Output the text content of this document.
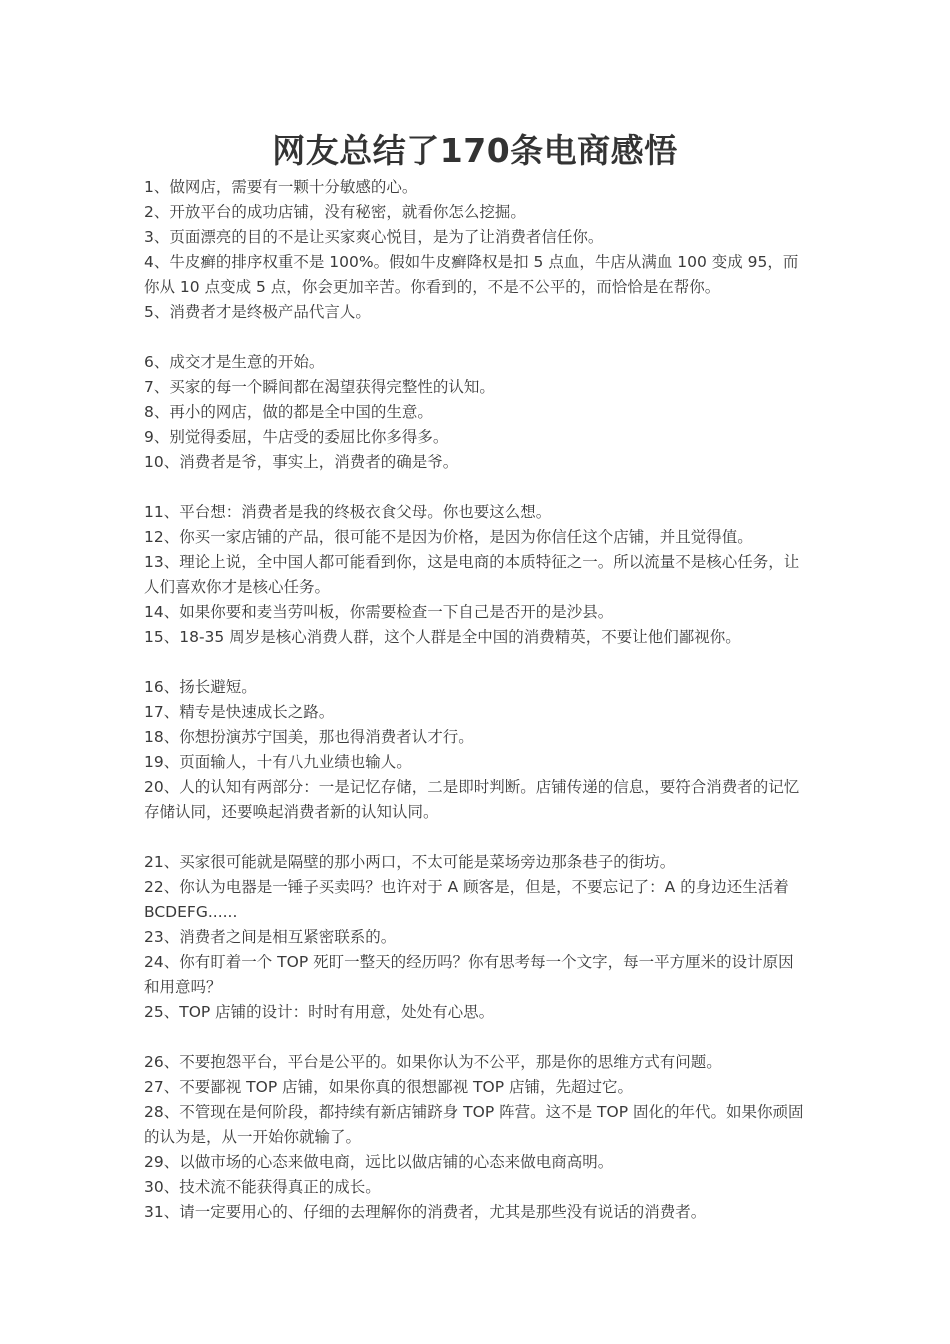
网友总结了170条电商感悟
1、做网店，需要有一颗十分敏感的心。
2、开放平台的成功店铺，没有秘密，就看你怎么挖掘。
3、页面漂亮的目的不是让买家爽心悦目，是为了让消费者信任你。
4、牛皮癣的排序权重不是 100%。假如牛皮癣降权是扣 5 点血，牛店从满血 100 变成 95，而你从 10 点变成 5 点，你会更加辛苦。你看到的，不是不公平的，而恰恰是在帮你。
5、消费者才是终极产品代言人。
6、成交才是生意的开始。
7、买家的每一个瞬间都在渴望获得完整性的认知。
8、再小的网店，做的都是全中国的生意。
9、别觉得委屈，牛店受的委屈比你多得多。
10、消费者是爷，事实上，消费者的确是爷。
11、平台想：消费者是我的终极衣食父母。你也要这么想。
12、你买一家店铺的产品，很可能不是因为价格，是因为你信任这个店铺，并且觉得值。
13、理论上说，全中国人都可能看到你，这是电商的本质特征之一。所以流量不是核心任务，让人们喜欢你才是核心任务。
14、如果你要和麦当劳叫板，你需要检查一下自己是否开的是沙县。
15、18-35 周岁是核心消费人群，这个人群是全中国的消费精英，不要让他们鄙视你。
16、扬长避短。
17、精专是快速成长之路。
18、你想扮演苏宁国美，那也得消费者认才行。
19、页面输人，十有八九业绩也输人。
20、人的认知有两部分：一是记忆存储，二是即时判断。店铺传递的信息，要符合消费者的记忆存储认同，还要唤起消费者新的认知认同。
21、买家很可能就是隔壁的那小两口，不太可能是菜场旁边那条巷子的街坊。
22、你认为电器是一锤子买卖吗？也许对于 A 顾客是，但是，不要忘记了：A 的身边还生活着 BCDEFG......
23、消费者之间是相互紧密联系的。
24、你有盯着一个 TOP 死盯一整天的经历吗？你有思考每一个文字，每一平方厘米的设计原因和用意吗？
25、TOP 店铺的设计：时时有用意，处处有心思。
26、不要抱怨平台，平台是公平的。如果你认为不公平，那是你的思维方式有问题。
27、不要鄙视 TOP 店铺，如果你真的很想鄙视 TOP 店铺，先超过它。
28、不管现在是何阶段，都持续有新店铺跻身 TOP 阵营。这不是 TOP 固化的年代。如果你顽固的认为是，从一开始你就输了。
29、以做市场的心态来做电商，远比以做店铺的心态来做电商高明。
30、技术流不能获得真正的成长。
31、请一定要用心的、仔细的去理解你的消费者，尤其是那些没有说话的消费者。
